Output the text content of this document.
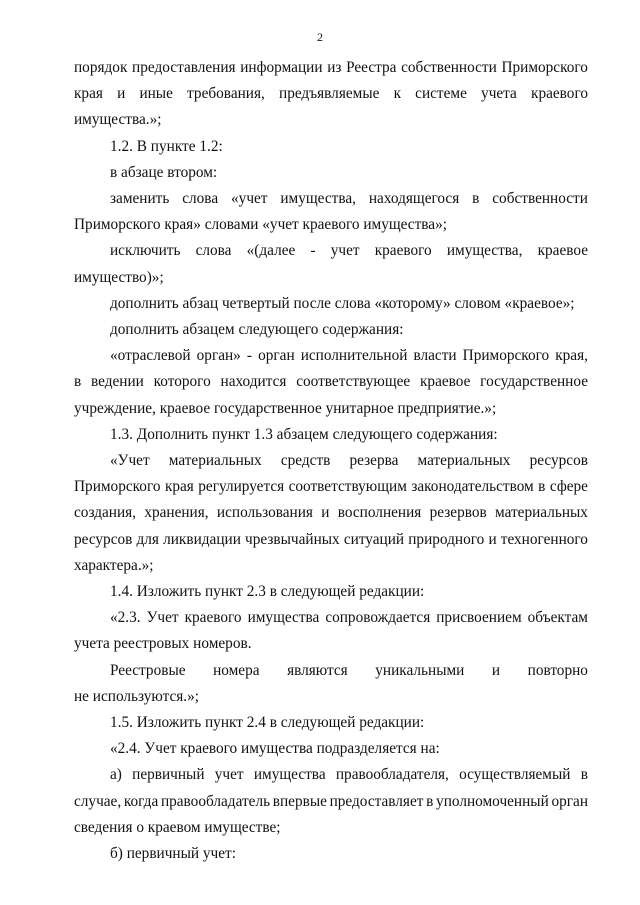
2

порядок предоставления информации из Реестра собственности Приморского
края и иные требования, предъявляемые к системе учета краевого имущества.»;

1.2. В пункте 1.2:

в абзаце втором:

заменить слова «учет имущества, находящегося в собственности
Приморского края» словами «учет краевого имущества»;

исключить слова «(далее - учет краевого имущества, краевое
имущество)»;

дополнить абзац четвертый после слова «которому» словом «краевое»;

дополнить абзацем следующего содержания:

«отраслевой орган» - орган исполнительной власти Приморского края,
в ведении которого находится соответствующее краевое государственное
учреждение, краевое государственное унитарное предприятие.»;

1.3. Дополнить пункт 1.3 абзацем следующего содержания:

«Учет материальных средств резерва материальных ресурсов
Приморского края регулируется соответствующим законодательством в сфере
создания, хранения, использования и восполнения резервов материальных
ресурсов для ликвидации чрезвычайных ситуаций природного и техногенного
характера.»;

1.4. Изложить пункт 2.3 в следующей редакции:

«2.3. Учет краевого имущества сопровождается присвоением объектам
учета реестровых номеров.

Реестровые номера являются уникальными и повторно
не используются.»;

1.5. Изложить пункт 2.4 в следующей редакции:

«2.4. Учет краевого имущества подразделяется на:

а) первичный учет имущества правообладателя, осуществляемый в
случае, когда правообладатель впервые предоставляет в уполномоченный орган
сведения о краевом имуществе;

б) первичный учет:
